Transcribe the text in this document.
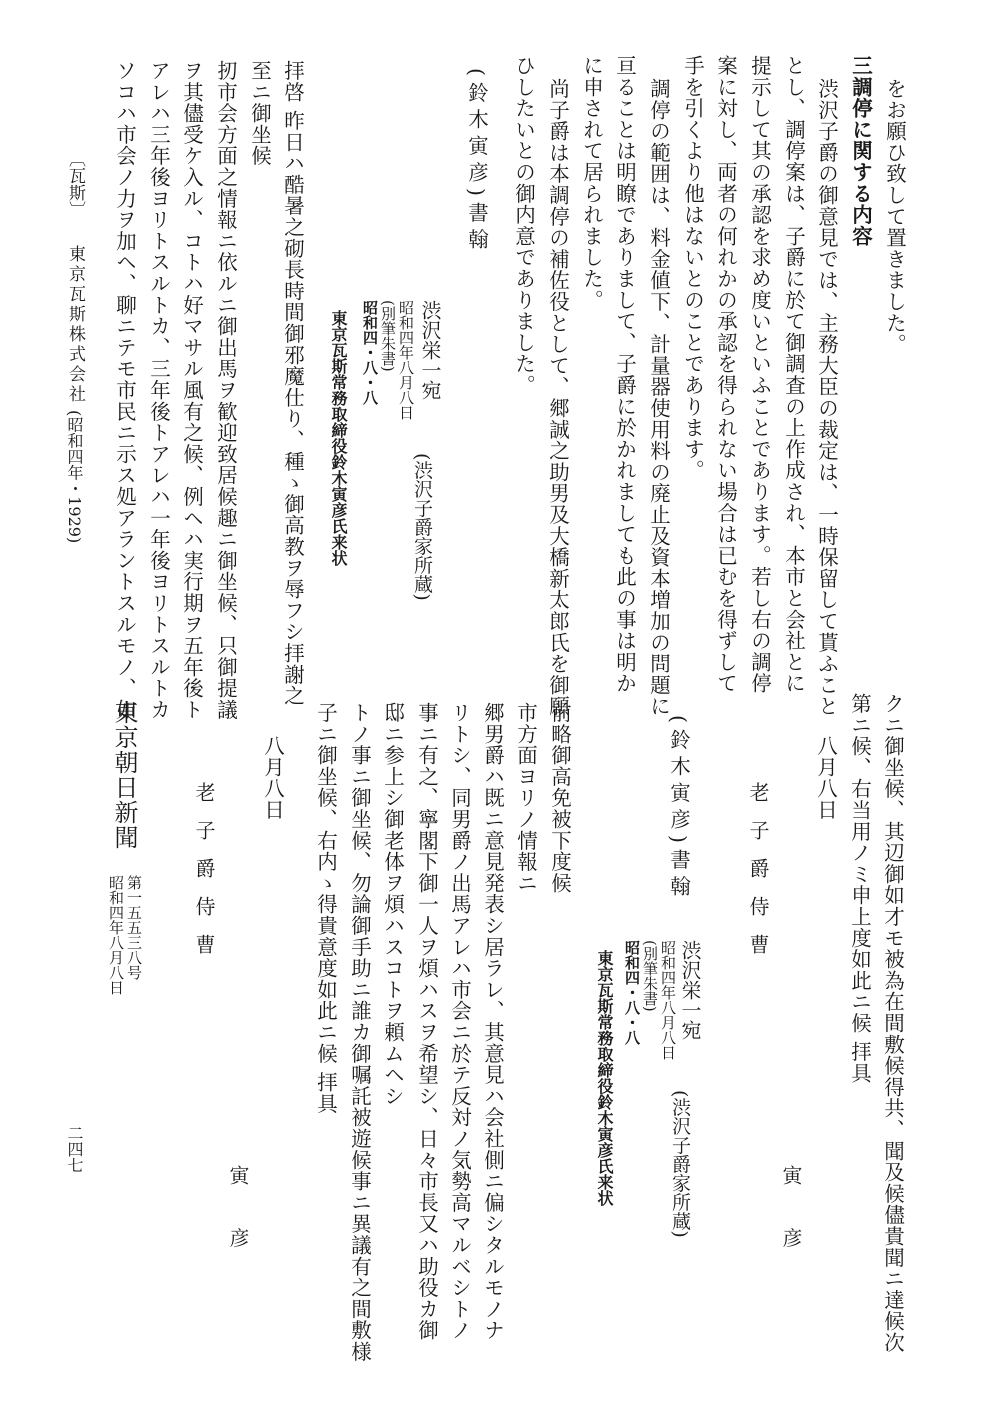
をお願ひ致して置きました。
三調停に関する内容
渋沢子爵の御意見では、主務大臣の裁定は、一時保留して貰ふこと
とし、調停案は、子爵に於て御調査の上作成され、本市と会社とに
提示して其の承認を求め度いといふことであります。若し右の調停
案に対し、両者の何れかの承認を得られない場合は已むを得ずして
手を引くより他はないとのことであります。
調停の範囲は、料金値下、計量器使用料の廃止及資本増加の問題に
亘ることは明瞭でありまして、子爵に於かれましても此の事は明か
に申されて居られました。
尚子爵は本調停の補佐役として、郷誠之助男及大橋新太郎氏を御願
ひしたいとの御内意でありました。
(鈴木寅彦)書翰
渋沢栄一宛
昭和四年八月八日
(別筆朱書)
昭和四・八・八
(渋沢子爵家所蔵)
東京瓦斯常務取締役鈴木寅彦氏来状
拝啓 昨日ハ酷暑之砌長時間御邪魔仕り、種ゝ御高教ヲ辱フシ拝謝之
至ニ御坐候
扨市会方面之情報ニ依ルニ御出馬ヲ歓迎致居候趣ニ御坐候、只御提議
ヲ其儘受ケ入ル、コトハ好マサル風有之候、例ヘハ実行期ヲ五年後ト
アレハ三年後ヨリトスルトカ、三年後トアレハ一年後ヨリトスルトカ
ソコハ市会ノ力ヲ加ヘ、聊ニテモ市民ニ示ス処アラントスルモノ、如
〔瓦斯〕
東京瓦斯株式会社
(昭和四年・1929)
クニ御坐候、其辺御如才モ被為在間敷候得共、聞及候儘貴聞ニ達候次
第ニ候、右当用ノミ申上度如此ニ候 拝具
八月八日
寅 彦
老子爵侍曹
(鈴木寅彦)書翰
渋沢栄一宛
昭和四年八月八日
(別筆朱書)
昭和四・八・八
(渋沢子爵家所蔵)
東京瓦斯常務取締役鈴木寅彦氏来状
前略御高免被下度候
市方面ヨリノ情報ニ
郷男爵ハ既ニ意見発表シ居ラレ、其意見ハ会社側ニ偏シタルモノナ
リトシ、同男爵ノ出馬アレハ市会ニ於テ反対ノ気勢高マルベシトノ
事ニ有之、寧閣下御一人ヲ煩ハスヲ希望シ、日々市長又ハ助役カ御
邸ニ参上シ御老体ヲ煩ハスコトヲ頼ムヘシ
トノ事ニ御坐候、勿論御手助ニ誰カ御嘱託被遊候事ニ異議有之間敷様
子ニ御坐候、右内ゝ得貴意度如此ニ候 拝具
八月八日
寅 彦
老子爵侍曹
東京朝日新聞
第一五五三八号
昭和四年八月八日
二四七
